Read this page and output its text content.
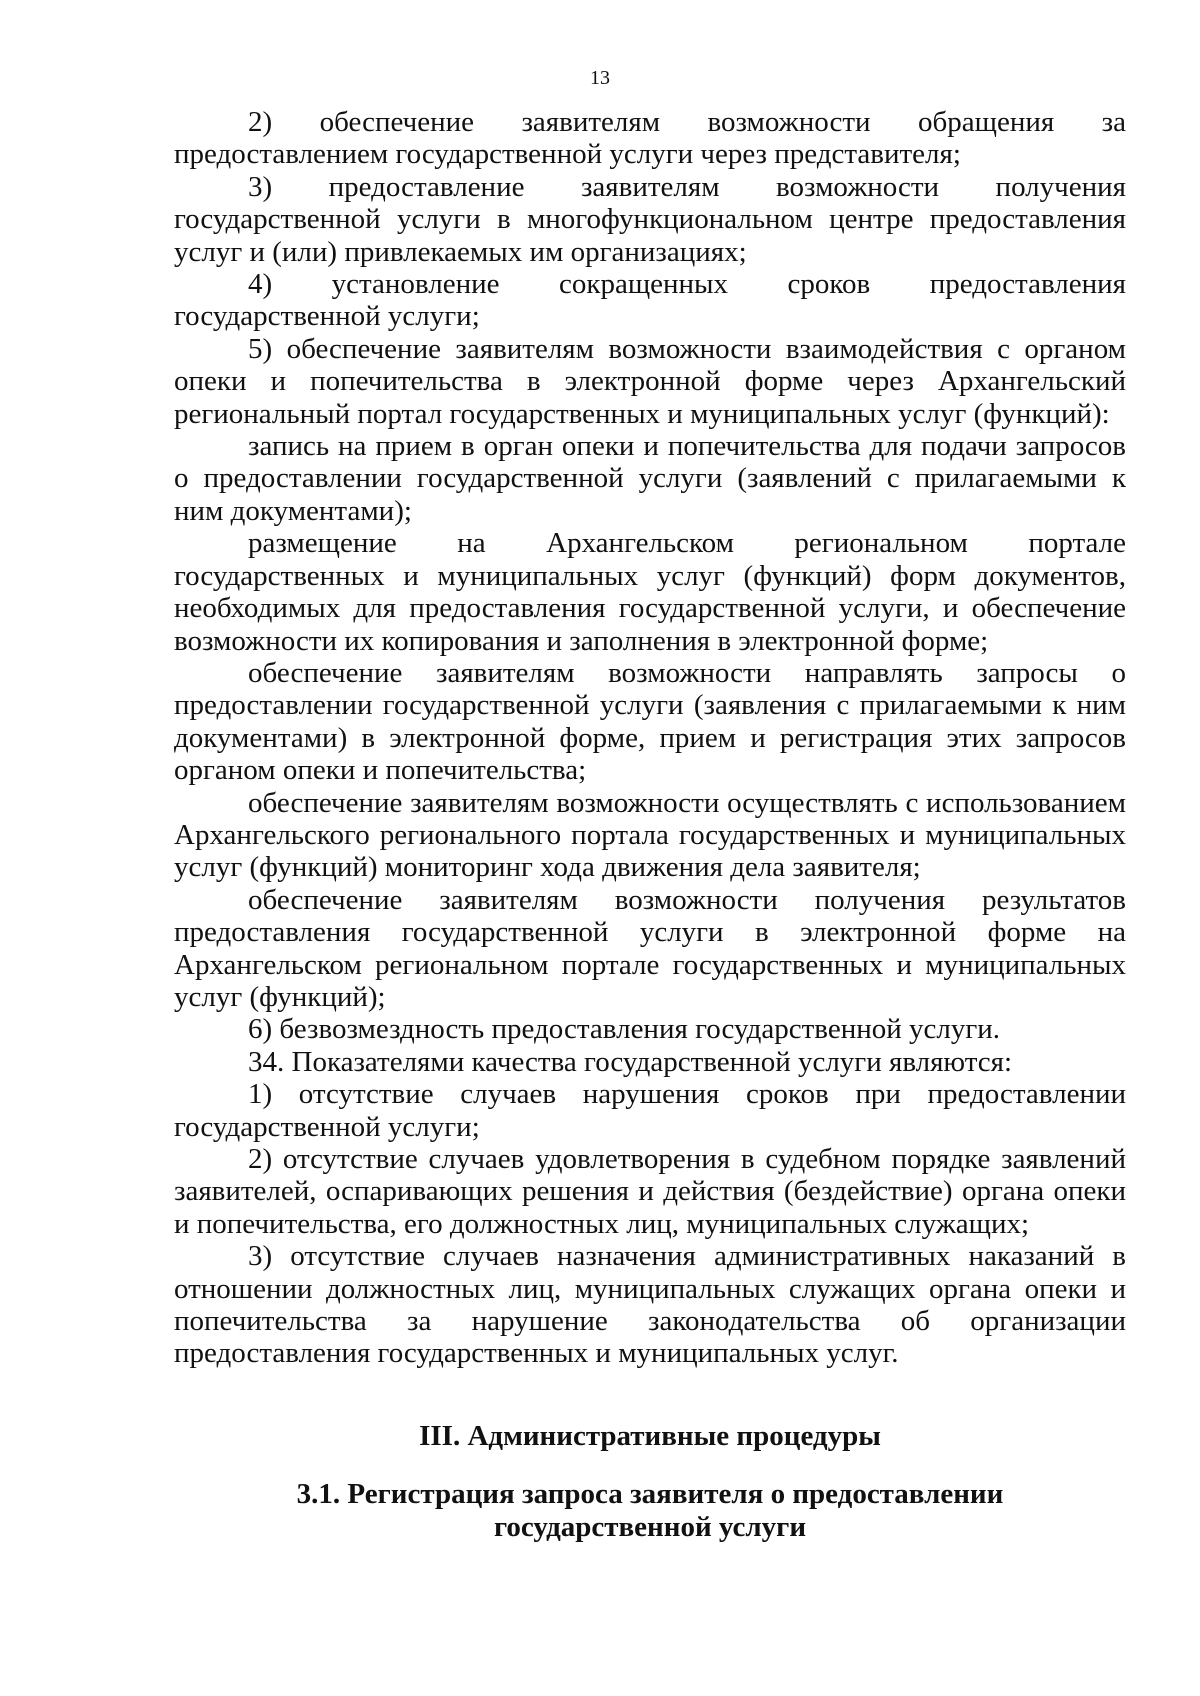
13

2) обеспечение заявителям возможности обращения за предоставлением государственной услуги через представителя;

3) предоставление заявителям возможности получения государственной услуги в многофункциональном центре предоставления услуг и (или) привлекаемых им организациях;

4) установление сокращенных сроков предоставления государственной услуги;

5) обеспечение заявителям возможности взаимодействия с органом опеки и попечительства в электронной форме через Архангельский региональный портал государственных и муниципальных услуг (функций):

запись на прием в орган опеки и попечительства для подачи запросов о предоставлении государственной услуги (заявлений с прилагаемыми к ним документами);

размещение на Архангельском региональном портале государственных и муниципальных услуг (функций) форм документов, необходимых для предоставления государственной услуги, и обеспечение возможности их копирования и заполнения в электронной форме;

обеспечение заявителям возможности направлять запросы о предоставлении государственной услуги (заявления с прилагаемыми к ним документами) в электронной форме, прием и регистрация этих запросов органом опеки и попечительства;

обеспечение заявителям возможности осуществлять с использованием Архангельского регионального портала государственных и муниципальных услуг (функций) мониторинг хода движения дела заявителя;

обеспечение заявителям возможности получения результатов предоставления государственной услуги в электронной форме на Архангельском региональном портале государственных и муниципальных услуг (функций);

6) безвозмездность предоставления государственной услуги.

34. Показателями качества государственной услуги являются:

1) отсутствие случаев нарушения сроков при предоставлении государственной услуги;

2) отсутствие случаев удовлетворения в судебном порядке заявлений заявителей, оспаривающих решения и действия (бездействие) органа опеки и попечительства, его должностных лиц, муниципальных служащих;

3) отсутствие случаев назначения административных наказаний в отношении должностных лиц, муниципальных служащих органа опеки и попечительства за нарушение законодательства об организации предоставления государственных и муниципальных услуг.

III. Административные процедуры
3.1. Регистрация запроса заявителя о предоставлении
государственной услуги
